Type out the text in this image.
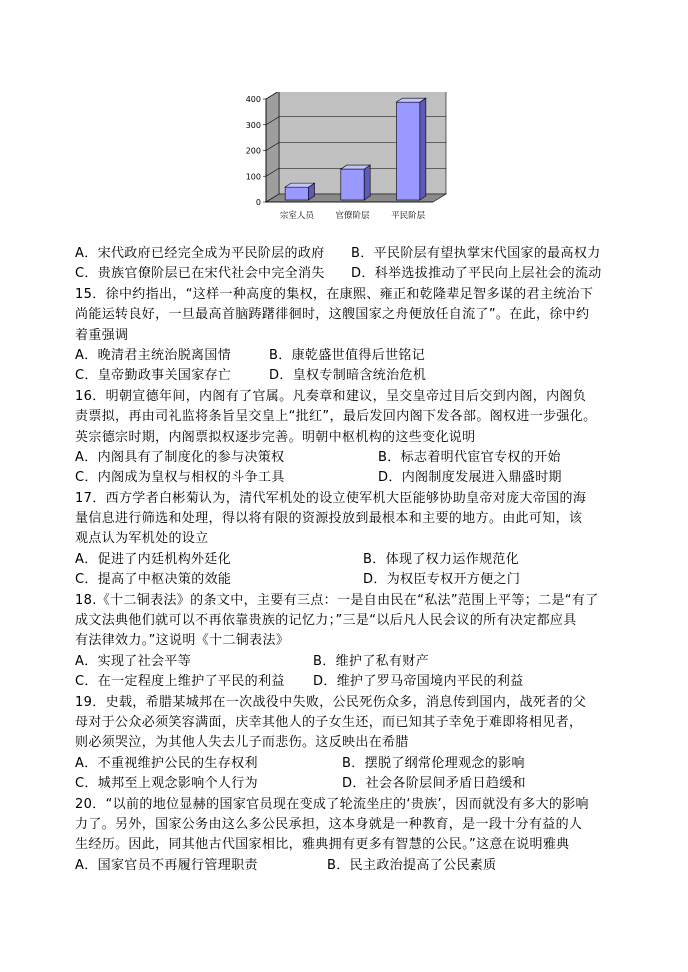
0
100
200
300
400
宗室人员	官僚阶层	平民阶层
A．宋代政府已经完全成为平民阶层的政府	B．平民阶层有望执掌宋代国家的最高权力
C．贵族官僚阶层已在宋代社会中完全消失	D．科举选拔推动了平民向上层社会的流动
15．徐中约指出，“这样一种高度的集权，在康熙、雍正和乾隆辈足智多谋的君主统治下
尚能运转良好，一旦最高首脑踌躇徘徊时，这艘国家之舟便放任自流了”。在此，徐中约
着重强调
A．晚清君主统治脱离国情	B．康乾盛世值得后世铭记
C．皇帝勤政事关国家存亡	D．皇权专制暗含统治危机
16．明朝宣德年间，内阁有了官属。凡奏章和建议，呈交皇帝过目后交到内阁，内阁负
责票拟，再由司礼监将条旨呈交皇上“批红”，最后发回内阁下发各部。阁权进一步强化。
英宗德宗时期，内阁票拟权逐步完善。明朝中枢机构的这些变化说明
A．内阁具有了制度化的参与决策权	B．标志着明代宦官专权的开始
C．内阁成为皇权与相权的斗争工具	D．内阁制度发展进入鼎盛时期
17．西方学者白彬菊认为，清代军机处的设立使军机大臣能够协助皇帝对庞大帝国的海
量信息进行筛选和处理，得以将有限的资源投放到最根本和主要的地方。由此可知，该
观点认为军机处的设立
A．促进了内廷机构外廷化	B．体现了权力运作规范化
C．提高了中枢决策的效能	D．为权臣专权开方便之门
18.《十二铜表法》的条文中，主要有三点：一是自由民在“私法”范围上平等；二是“有了
成文法典他们就可以不再依靠贵族的记忆力；”三是“以后凡人民会议的所有决定都应具
有法律效力。”这说明《十二铜表法》
A．实现了社会平等	B．维护了私有财产
C．在一定程度上维护了平民的利益	D．维护了罗马帝国境内平民的利益
19．史载，希腊某城邦在一次战役中失败，公民死伤众多，消息传到国内，战死者的父
母对于公众必须笑容满面，庆幸其他人的子女生还，而已知其子幸免于难即将相见者，
则必须哭泣，为其他人失去儿子而悲伤。这反映出在希腊
A．不重视维护公民的生存权利	B．摆脱了纲常伦理观念的影响
C．城邦至上观念影响个人行为	D．社会各阶层间矛盾日趋缓和
20．“以前的地位显赫的国家官员现在变成了轮流坐庄的‘贵族’，因而就没有多大的影响
力了。另外，国家公务由这么多公民承担，这本身就是一种教育，是一段十分有益的人
生经历。因此，同其他古代国家相比，雅典拥有更多有智慧的公民。”这意在说明雅典
A．国家官员不再履行管理职责	B．民主政治提高了公民素质
